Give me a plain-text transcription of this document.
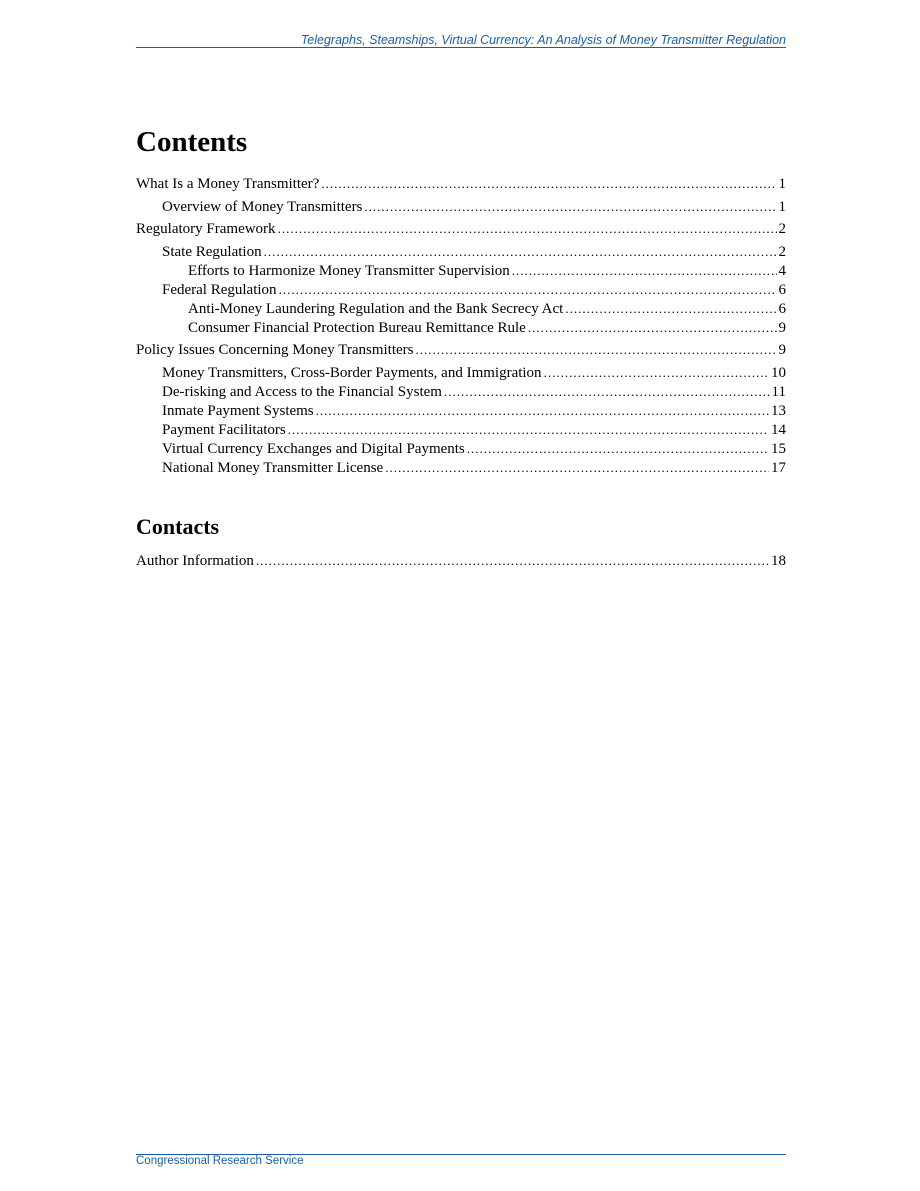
Telegraphs, Steamships, Virtual Currency: An Analysis of Money Transmitter Regulation
Contents
What Is a Money Transmitter? .....	1
Overview of Money Transmitters .....	1
Regulatory Framework .....	2
State Regulation .....	2
Efforts to Harmonize Money Transmitter Supervision .....	4
Federal Regulation .....	6
Anti-Money Laundering Regulation and the Bank Secrecy Act .....	6
Consumer Financial Protection Bureau Remittance Rule .....	9
Policy Issues Concerning Money Transmitters .....	9
Money Transmitters, Cross-Border Payments, and Immigration .....	10
De-risking and Access to the Financial System .....	11
Inmate Payment Systems .....	13
Payment Facilitators .....	14
Virtual Currency Exchanges and Digital Payments .....	15
National Money Transmitter License .....	17
Contacts
Author Information .....	18
Congressional Research Service
